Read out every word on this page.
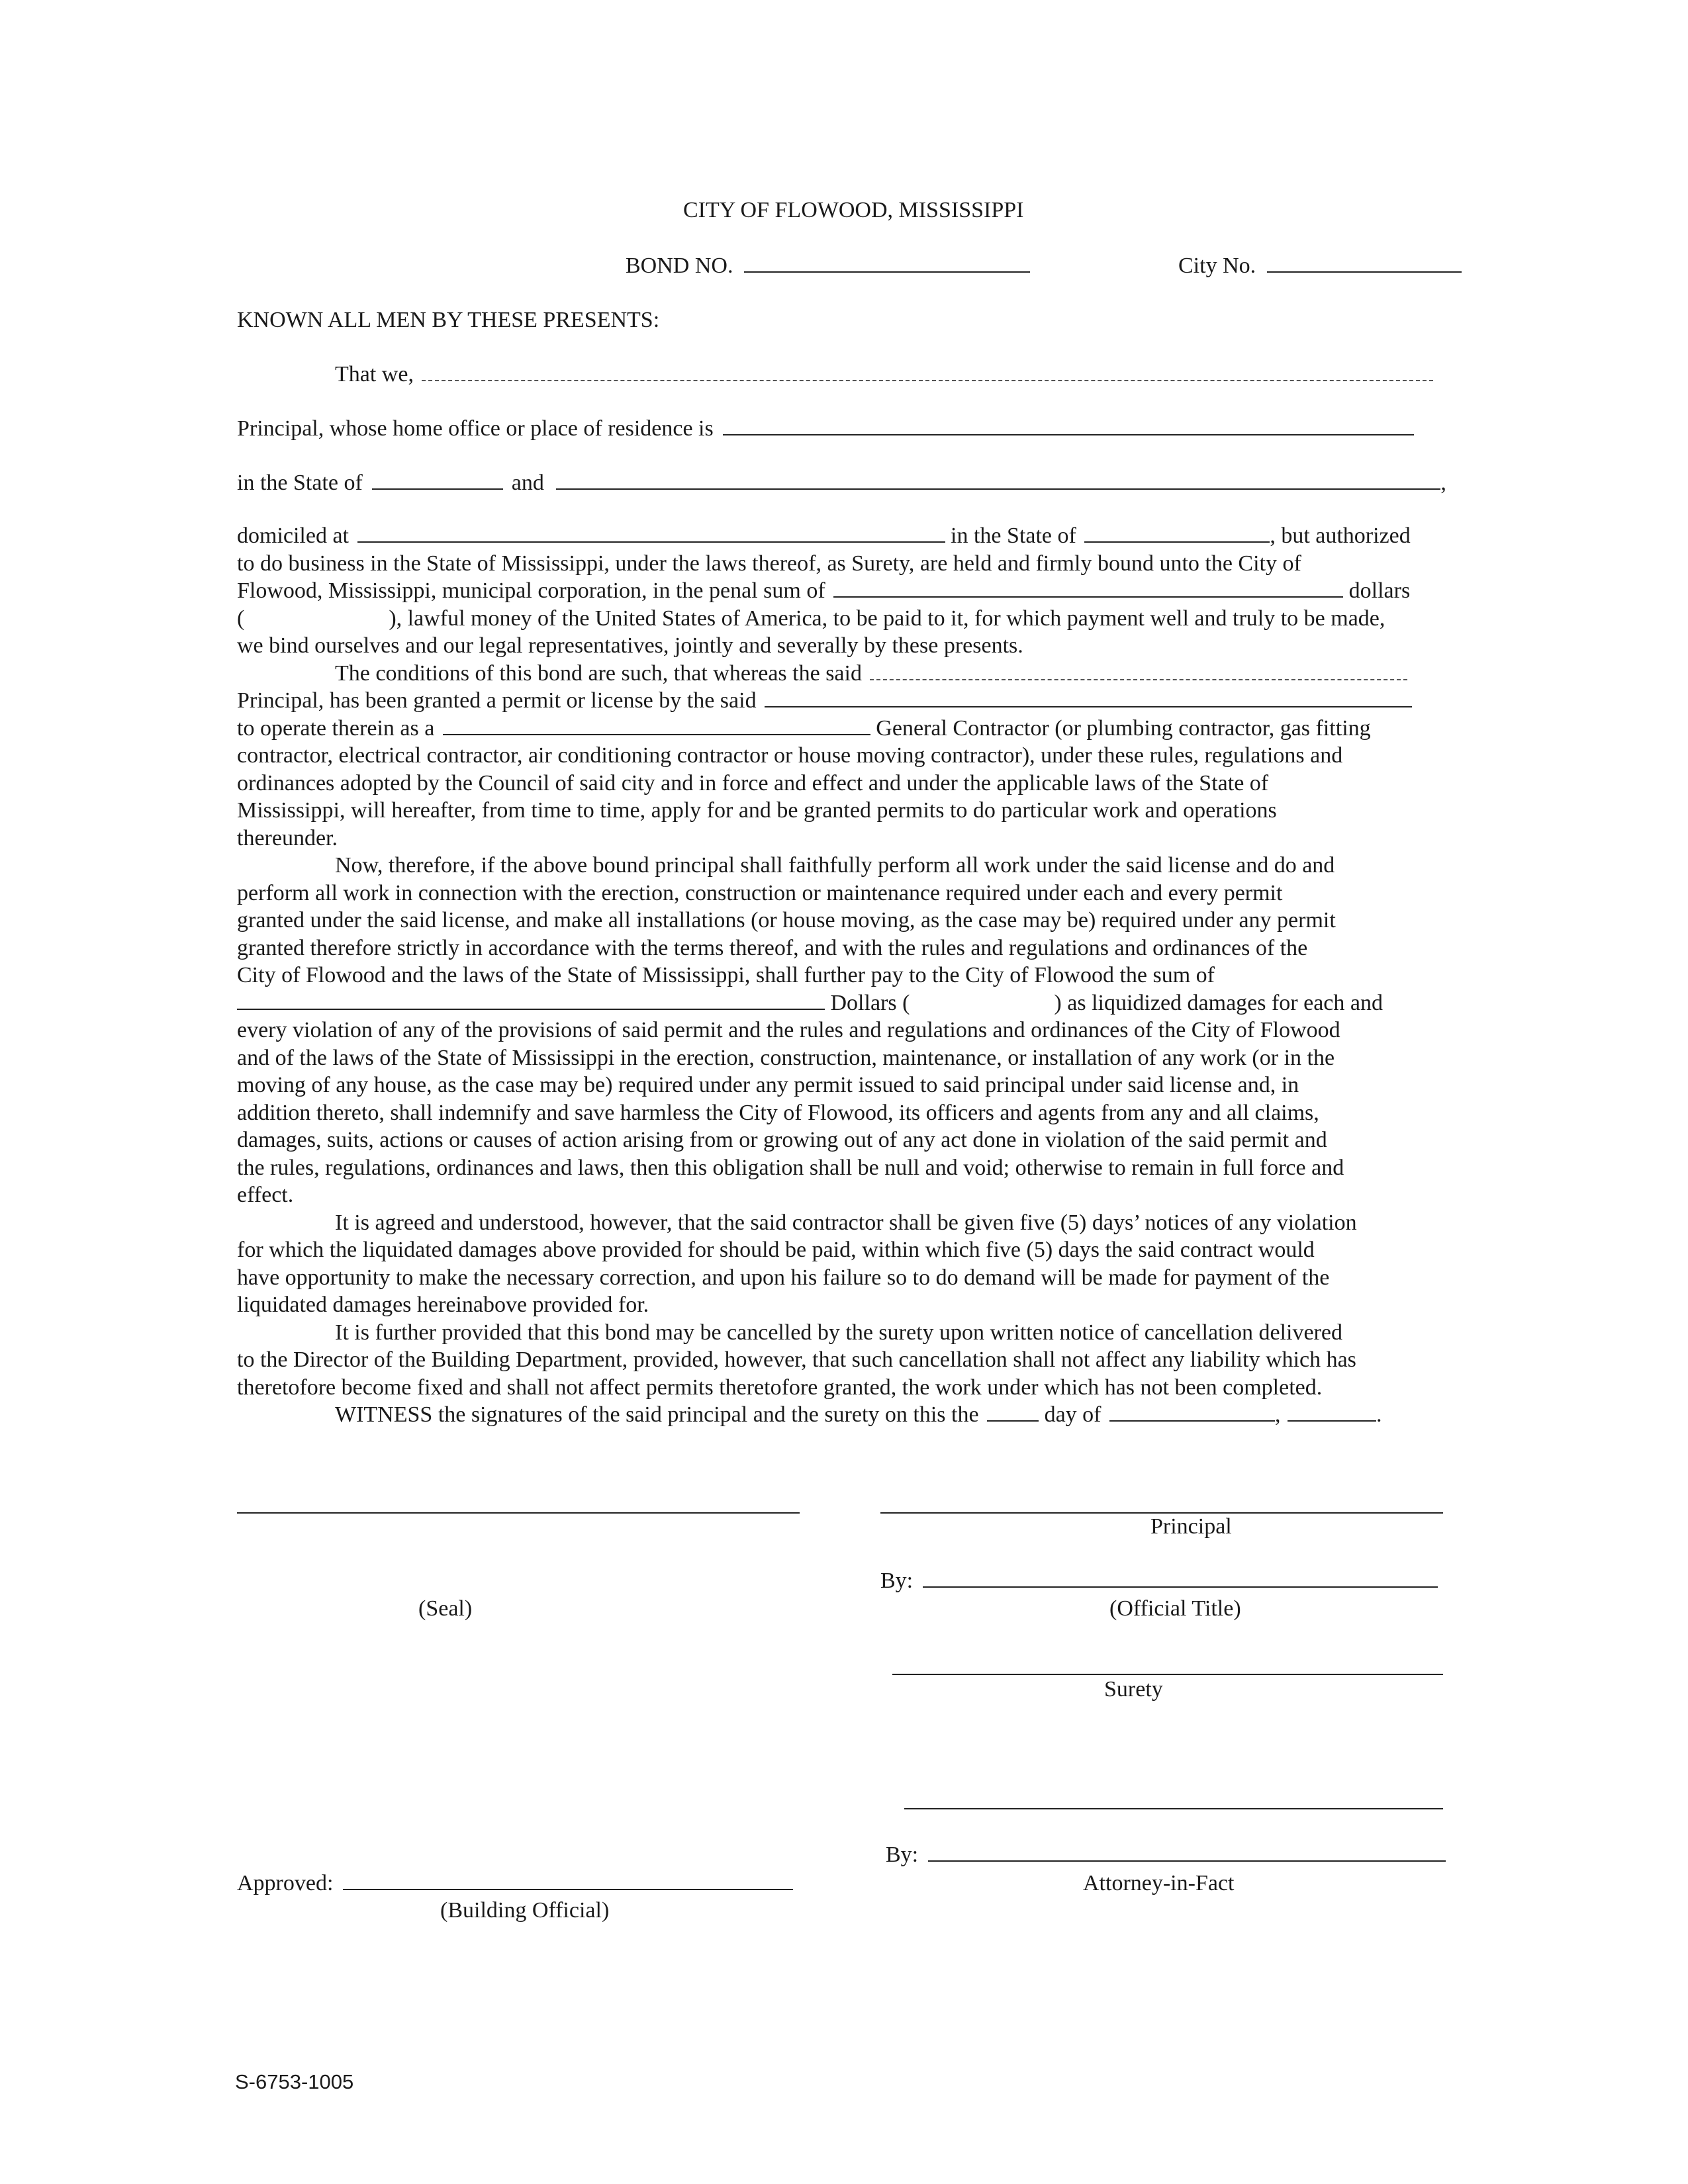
CITY OF FLOWOOD, MISSISSIPPI
BOND NO.	City No.
KNOWN ALL MEN BY THESE PRESENTS:
That we,
Principal, whose home office or place of residence is
in the State of	and	,

domiciled at	in the State of	, but authorized

to do business in the State of Mississippi, under the laws thereof, as Surety, are held and firmly bound unto the City of

Flowood, Mississippi, municipal corporation, in the penal sum of	dollars

(	), lawful money of the United States of America, to be paid to it, for which payment well and truly to be made,

we bind ourselves and our legal representatives, jointly and severally by these presents.

The conditions of this bond are such, that whereas the said

Principal, has been granted a permit or license by the said

to operate therein as a	General Contractor (or plumbing contractor, gas fitting

contractor, electrical contractor, air conditioning contractor or house moving contractor), under these rules, regulations and

ordinances adopted by the Council of said city and in force and effect and under the applicable laws of the State of

Mississippi, will hereafter, from time to time, apply for and be granted permits to do particular work and operations

thereunder.

Now, therefore, if the above bound principal shall faithfully perform all work under the said license and do and

perform all work in connection with the erection, construction or maintenance required under each and every permit

granted under the said license, and make all installations (or house moving, as the case may be) required under any permit

granted therefore strictly in accordance with the terms thereof, and with the rules and regulations and ordinances of the

City of Flowood and the laws of the State of Mississippi, shall further pay to the City of Flowood the sum of

Dollars (	) as liquidized damages for each and

every violation of any of the provisions of said permit and the rules and regulations and ordinances of the City of Flowood

and of the laws of the State of Mississippi in the erection, construction, maintenance, or installation of any work (or in the

moving of any house, as the case may be) required under any permit issued to said principal under said license and, in

addition thereto, shall indemnify and save harmless the City of Flowood, its officers and agents from any and all claims,

damages, suits, actions or causes of action arising from or growing out of any act done in violation of the said permit and

the rules, regulations, ordinances and laws, then this obligation shall be null and void; otherwise to remain in full force and

effect.

It is agreed and understood, however, that the said contractor shall be given five (5) days’ notices of any violation

for which the liquidated damages above provided for should be paid, within which five (5) days the said contract would

have opportunity to make the necessary correction, and upon his failure so to do demand will be made for payment of the

liquidated damages hereinabove provided for.

It is further provided that this bond may be cancelled by the surety upon written notice of cancellation delivered

to the Director of the Building Department, provided, however, that such cancellation shall not affect any liability which has

theretofore become fixed and shall not affect permits theretofore granted, the work under which has not been completed.

WITNESS the signatures of the said principal and the surety on this the	day of	,	.

Principal
By:
(Seal)	(Official Title)
Surety
By:
Attorney-in-Fact
Approved:
(Building Official)
S-6753-1005
